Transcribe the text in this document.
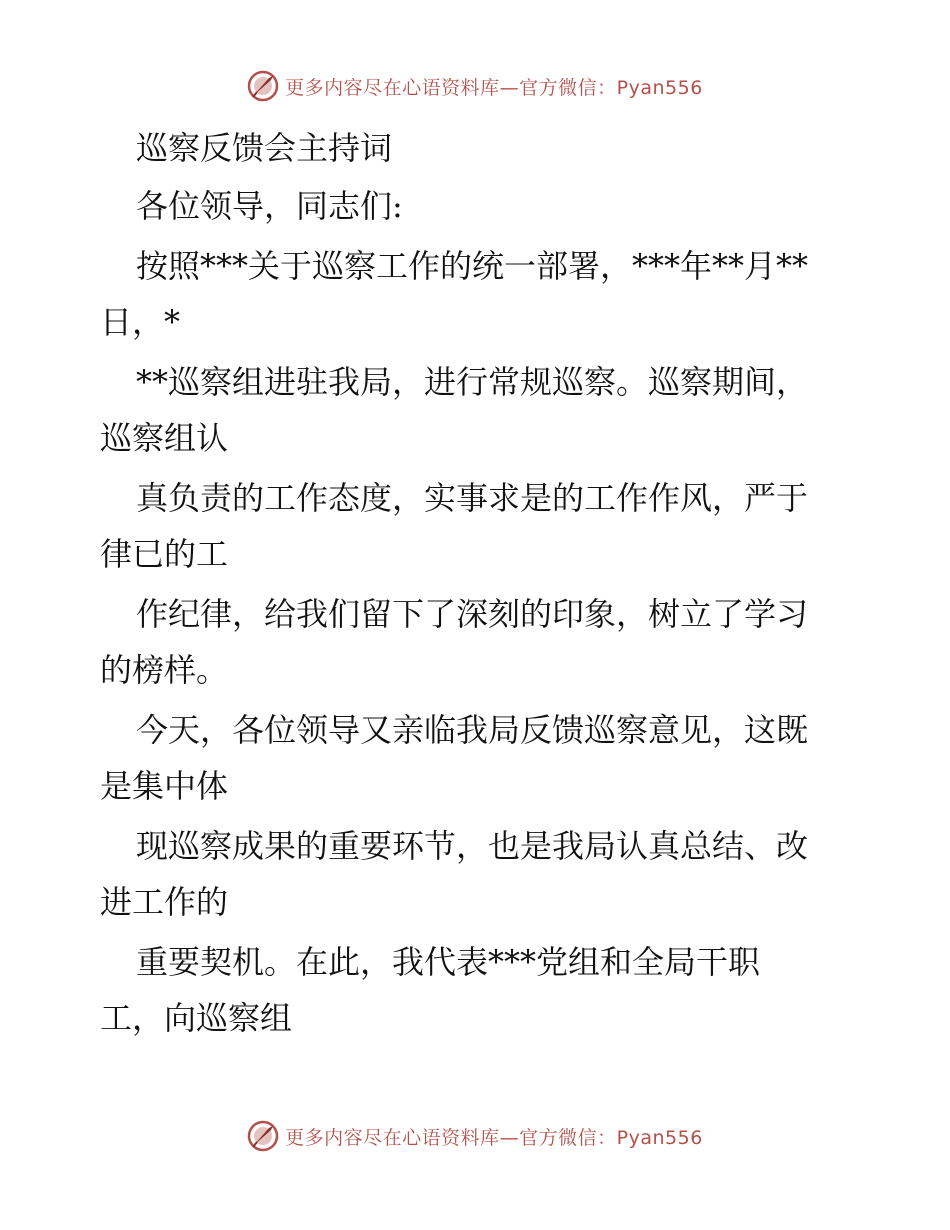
更多内容尽在心语资料库—官方微信：Pyan556
巡察反馈会主持词
各位领导，同志们:
按照***关于巡察工作的统一部署，***年**月**
日，*
**巡察组进驻我局，进行常规巡察。巡察期间，
巡察组认
真负责的工作态度，实事求是的工作作风，严于
律已的工
作纪律，给我们留下了深刻的印象，树立了学习
的榜样。
今天，各位领导又亲临我局反馈巡察意见，这既
是集中体
现巡察成果的重要环节，也是我局认真总结、改
进工作的
重要契机。在此，我代表***党组和全局干职
工，向巡察组
更多内容尽在心语资料库—官方微信：Pyan556
